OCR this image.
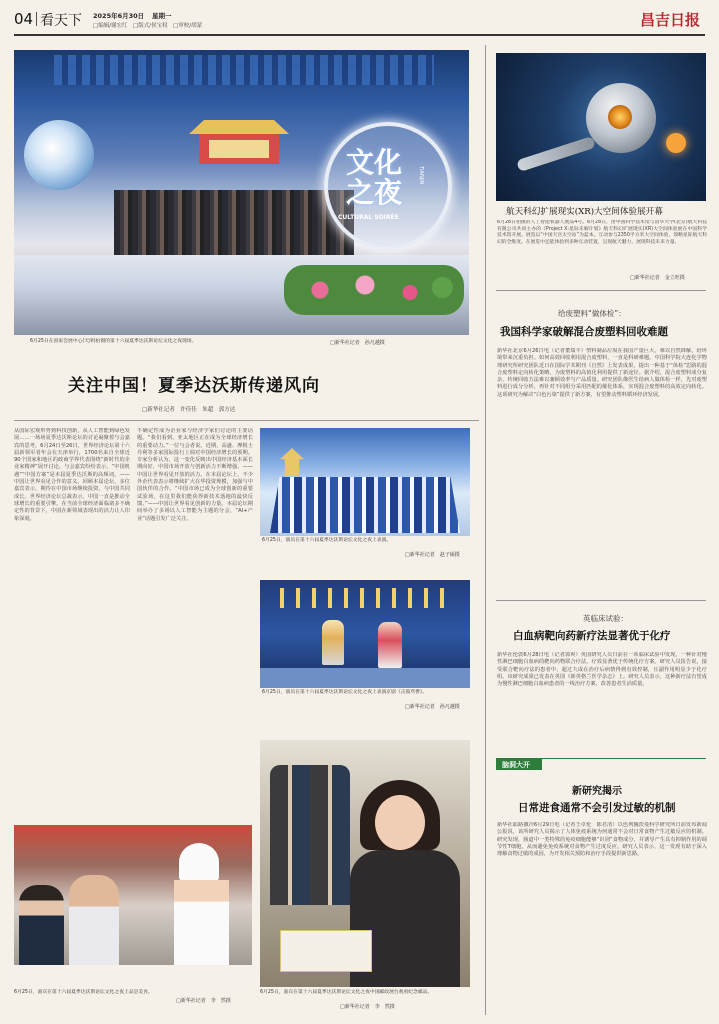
04 看天下 2025年6月30日 星期一
□编辑/谢宏红　□版式/侯宝权　□审校/胡蒙	昌吉日报
文化之夜
TIANJIN
CULTURAL SOIRÉE
6月25日在国家会展中心(天津)拍摄的第十六届夏季达沃斯论坛文化之夜现场。	□新华社记者　孙凡越摄
航天科幻扩展现实(XR)大空间体验展开幕
6月28日拍摄的人工智能机器人展品4号。6月28日，由中国科学技术馆与清华大学(北京)航天科技有限公司共同主办的《Project X:星际未解计划》航天科幻扩展现实(XR)大空间体验展在中国科学技术馆开展。展览以“中国天宫太空站”为蓝本，互动参与2350平方米大空间体验，领略星际航天科幻的全维度。在展览中还能体验到多种互动装置，呈现航天魅力，展现科技未来力量。
□新华社记者　金立旺摄
关注中国！夏季达沃斯传递风向
□新华社记者　许佳佳　朱超　郭方达
从国际宏观形势到科技创新，从人工智能到绿色发展……一场场夏季达沃斯论坛的讨论凝聚着与会嘉宾的思考。6月24日至26日，世界经济论坛第十六届新领军者年会在天津举行，1700名来自全球近90个国家和地区的政商学界代表围绕“新时代的企业家精神”展开讨论。与会嘉宾纷纷表示，“中国机遇”“中国方案”是本届夏季达沃斯的高频词。——中国让世界看见合作的意义。回顾本届论坛，多位嘉宾表示，期待在中国市场继续投资，与中国共同成长。世界经济论坛总裁表示，中国一直是推动全球增长的重要引擎。在当前全球经济面临诸多不确定性的背景下，中国在新领域表现出的活力让人印象深刻。
不确定性成为企业家与经济学家们讨论的主要话题。“我们看到，亚太地区正在成为全球经济增长的重要动力。”一位与会者说。近期，高盛、摩根士丹利等多家国际投行上调对中国经济增长的预期。专家分析认为，这一变化反映出中国经济基本面长期向好，中国市场开放与创新活力不断增强。——中国让世界看见开放的活力。在本届论坛上，不少外企代表表示将继续扩大在华投资规模，加强与中国伙伴的合作。“中国市场已成为全球创新的重要试验场，在这里我们能获得新技术落地的最快反馈。”——中国让世界看见创新的力量。本届论坛期间举办了多场以人工智能为主题的分会，“AI+产业”话题引发广泛关注。
6月25日，演员在第十六届夏季达沃斯论坛文化之夜上表演。
□新华社记者　赵子硕摄
6月25日，演员在第十六届夏季达沃斯论坛文化之夜上表演京剧《击鼓骂曹》。
□新华社记者　孙凡越摄
6月25日，嘉宾在第十六届夏季达沃斯论坛文化之夜上品尝美食。
□新华社记者　李　然摄
6月25日，嘉宾在第十六届夏季达沃斯论坛文化之夜中国邮政展台观看纪念邮品。
□新华社记者　李　然摄
给废塑料“做体检”：
我国科学家破解混合废塑料回收难题
新华社北京6月26日电（记者董瑞丰）塑料制品垃圾在我国产量巨大，难以自然降解，给环境带来沉重负担。如何高效回收利用混合废塑料，一直是科研难题。中国科学院大连化学物理研究所研究团队近日在国际学术期刊《自然》上发表成果，提出一种基于“体检”思路的混合废塑料定向转化策略，为废塑料的高值化利用提供了新途径。据介绍，混合废塑料成分复杂，传统回收方法难以兼顾效率与产品质量。研究团队像医生给病人做体检一样，先对废塑料进行成分分析，再针对不同组分采用匹配的催化体系，实现混合废塑料的高效定向转化。这项研究为解决“白色污染”提供了新方案，有望推动塑料循环经济发展。
英临床试验：
白血病靶向药新疗法显著优于化疗
新华社伦敦6月28日电（记者郭爽）英国研究人员日前在一项临床试验中发现，一种针对慢性淋巴细胞白血病的靶向药物联合疗法，疗效显著优于传统化疗方案。研究人员报告说，接受联合靶向疗法的患者中，超过九成在治疗后病情得到有效控制，且副作用明显少于化疗组。该研究成果已发表在英国《新英格兰医学杂志》上。研究人员表示，这种新疗法有望成为慢性淋巴细胞白血病患者的一线治疗方案，改善患者生活质量。
脑洞大开
新研究揭示
日常进食通常不会引发过敏的机制
新华社耶路撒冷6月29日电（记者王卓伦　陈君清）以色列魏茨曼科学研究所日前发布新闻公报说，该所研究人员揭示了人体免疫系统为何通常不会对日常食物产生过敏反应的机制。研究发现，肠道中一类特殊的免疫细胞能够“识别”食物成分，并诱导产生具有抑制作用的调节性T细胞，从而避免免疫系统对食物产生过度反应。研究人员表示，这一发现有助于深入理解食物过敏的成因，为开发相关预防和治疗手段提供新思路。
